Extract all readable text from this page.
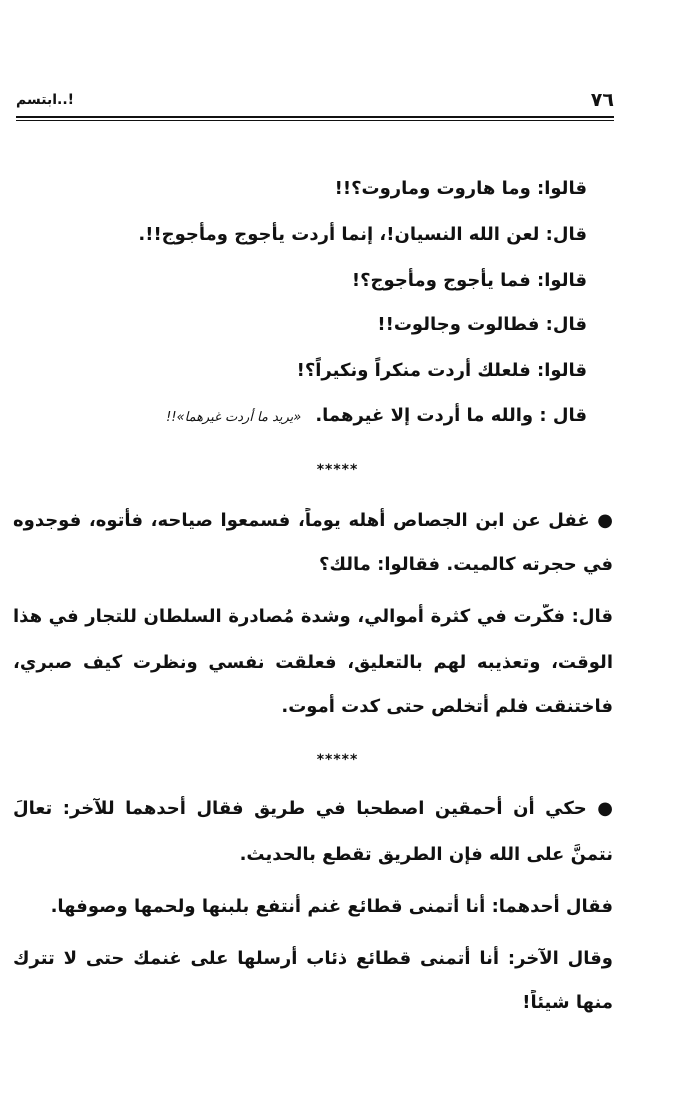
٧٦
ابتسم..!
قالوا: وما هاروت وماروت؟!!
قال: لعن الله النسيان!، إنما أردت يأجوج ومأجوج!!.
قالوا: فما يأجوج ومأجوج؟!
قال: فطالوت وجالوت!!
قالوا: فلعلك أردت منكراً ونكيراً؟!
قال : والله ما أردت إلا غيرهما.«يريد ما أردت غيرهما»!!
*****
● غفل عن ابن الجصاص أهله يوماً، فسمعوا صياحه، فأتوه، فوجدوه
في حجرته كالميت. فقالوا: مالك؟
قال: فكَّرت في كثرة أموالي، وشدة مُصادرة السلطان للتجار في هذا
الوقت، وتعذيبه لهم بالتعليق، فعلقت نفسي ونظرت كيف صبري،
فاختنقت فلم أتخلص حتى كدت أموت.
*****
● حكي أن أحمقين اصطحبا في طريق فقال أحدهما للآخر: تعالَ
نتمنَّ على الله فإن الطريق تقطع بالحديث.
فقال أحدهما: أنا أتمنى قطائع غنم أنتفع بلبنها ولحمها وصوفها.
وقال الآخر: أنا أتمنى قطائع ذئاب أرسلها على غنمك حتى لا تترك
منها شيئاً!
